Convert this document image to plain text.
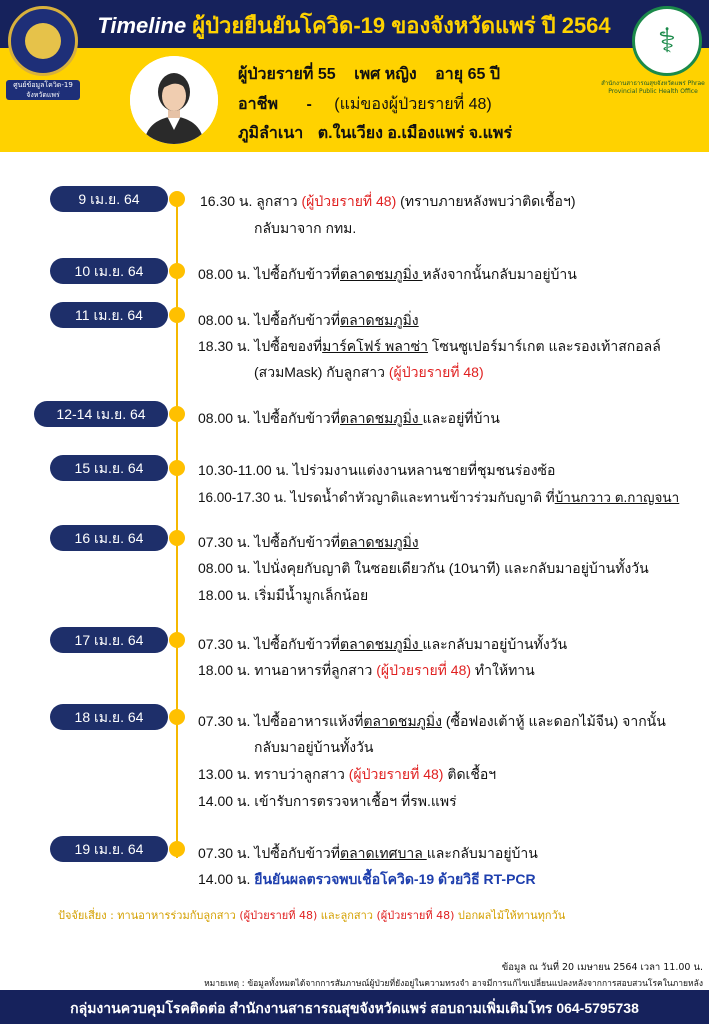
Timeline ผู้ป่วยยืนยันโควิด-19 ของจังหวัดแพร่ ปี 2564
ศูนย์ข้อมูลโควิด-19 จังหวัดแพร่
⚕
สำนักงานสาธารณสุขจังหวัดแพร่ Phrae Provincial Public Health Office
ผู้ป่วยรายที่ 55 เพศ หญิง อายุ 65 ปี
อาชีพ - (แม่ของผู้ป่วยรายที่ 48)
ภูมิลำเนา ต.ในเวียง อ.เมืองแพร่ จ.แพร่
9 เม.ย. 64	16.30 น. ลูกสาว (ผู้ป่วยรายที่ 48) (ทราบภายหลังพบว่าติดเชื้อฯ)
กลับมาจาก กทม.
10 เม.ย. 64	08.00 น. ไปซื้อกับข้าวที่ตลาดชมภูมิ่ง หลังจากนั้นกลับมาอยู่บ้าน
11 เม.ย. 64	08.00 น. ไปซื้อกับข้าวที่ตลาดชมภูมิ่ง
18.30 น. ไปซื้อของที่มาร์คโฟร์ พลาซ่า โซนซูเปอร์มาร์เกต และรองเท้าสกอลล์
(สวมMask) กับลูกสาว (ผู้ป่วยรายที่ 48)
12-14 เม.ย. 64	08.00 น. ไปซื้อกับข้าวที่ตลาดชมภูมิ่ง และอยู่ที่บ้าน
15 เม.ย. 64	10.30-11.00 น. ไปร่วมงานแต่งงานหลานชายที่ชุมชนร่องซ้อ
16.00-17.30 น. ไปรดน้ำดำหัวญาติและทานข้าวร่วมกับญาติ ที่บ้านกวาว ต.กาญจนา
16 เม.ย. 64	07.30 น. ไปซื้อกับข้าวที่ตลาดชมภูมิ่ง
08.00 น. ไปนั่งคุยกับญาติ ในซอยเดียวกัน (10นาที) และกลับมาอยู่บ้านทั้งวัน
18.00 น. เริ่มมีน้ำมูกเล็กน้อย
17 เม.ย. 64	07.30 น. ไปซื้อกับข้าวที่ตลาดชมภูมิ่ง และกลับมาอยู่บ้านทั้งวัน
18.00 น. ทานอาหารที่ลูกสาว (ผู้ป่วยรายที่ 48) ทำให้ทาน
18 เม.ย. 64	07.30 น. ไปซื้ออาหารแห้งที่ตลาดชมภูมิ่ง (ซื้อฟองเต้าหู้ และดอกไม้จีน) จากนั้น
กลับมาอยู่บ้านทั้งวัน
13.00 น. ทราบว่าลูกสาว (ผู้ป่วยรายที่ 48) ติดเชื้อฯ
14.00 น. เข้ารับการตรวจหาเชื้อฯ ที่รพ.แพร่
19 เม.ย. 64	07.30 น. ไปซื้อกับข้าวที่ตลาดเทศบาล และกลับมาอยู่บ้าน
14.00 น. ยืนยันผลตรวจพบเชื้อโควิด-19 ด้วยวิธี RT-PCR
ปัจจัยเสี่ยง : ทานอาหารร่วมกับลูกสาว (ผู้ป่วยรายที่ 48) และลูกสาว (ผู้ป่วยรายที่ 48) ปอกผลไม้ให้ทานทุกวัน
ข้อมูล ณ วันที่ 20 เมษายน 2564 เวลา 11.00 น.
หมายเหตุ : ข้อมูลทั้งหมดได้จากการสัมภาษณ์ผู้ป่วยที่ยังอยู่ในความทรงจำ อาจมีการแก้ไขเปลี่ยนแปลงหลังจากการสอบสวนโรคในภายหลัง
กลุ่มงานควบคุมโรคติดต่อ สำนักงานสาธารณสุขจังหวัดแพร่ สอบถามเพิ่มเติมโทร 064-5795738
